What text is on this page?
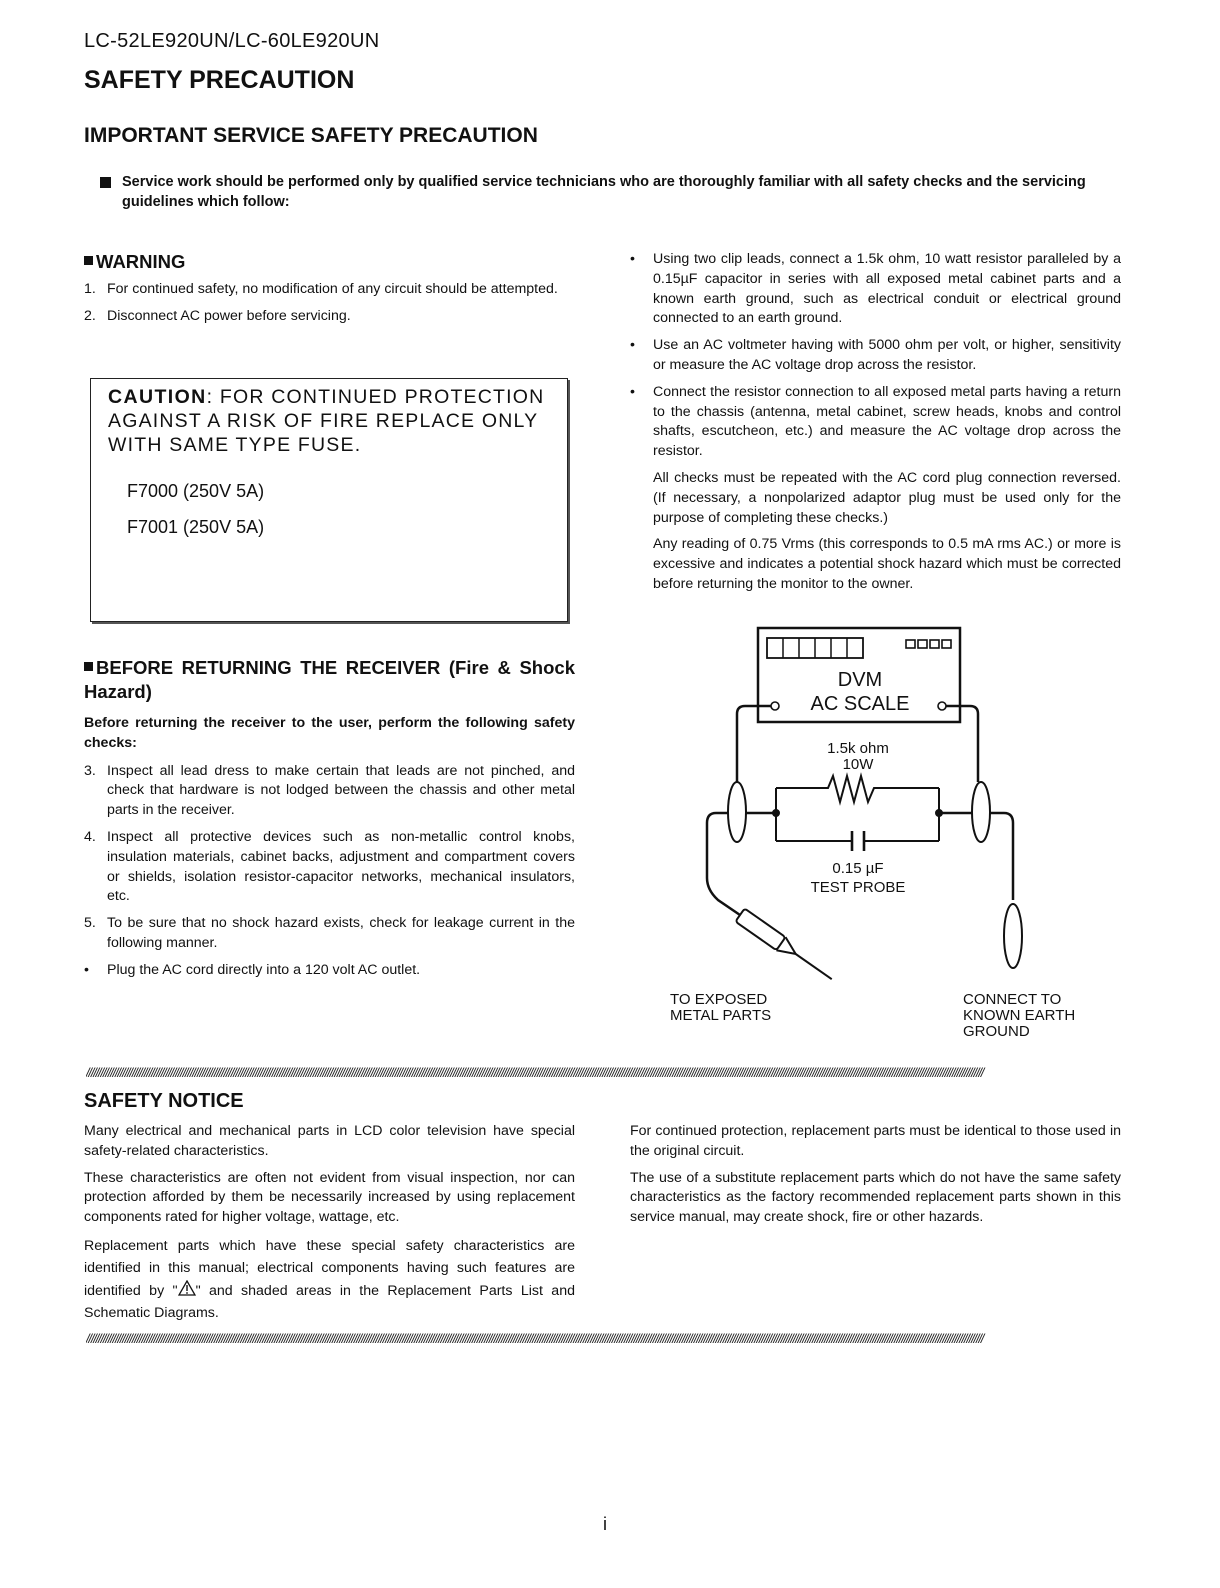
LC-52LE920UN/LC-60LE920UN
SAFETY PRECAUTION
IMPORTANT SERVICE SAFETY PRECAUTION
Service work should be performed only by qualified service technicians who are thoroughly familiar with all safety checks and the servicing guidelines which follow:
WARNING
1. For continued safety, no modification of any circuit should be attempted.
2. Disconnect AC power before servicing.
CAUTION: FOR CONTINUED PROTECTION AGAINST A RISK OF FIRE REPLACE ONLY WITH SAME TYPE FUSE.
F7000 (250V 5A)
F7001 (250V 5A)
BEFORE RETURNING THE RECEIVER (Fire & Shock Hazard)
Before returning the receiver to the user, perform the following safety checks:
3. Inspect all lead dress to make certain that leads are not pinched, and check that hardware is not lodged between the chassis and other metal parts in the receiver.
4. Inspect all protective devices such as non-metallic control knobs, insulation materials, cabinet backs, adjustment and compartment covers or shields, isolation resistor-capacitor networks, mechanical insulators, etc.
5. To be sure that no shock hazard exists, check for leakage current in the following manner.
• Plug the AC cord directly into a 120 volt AC outlet.
• Using two clip leads, connect a 1.5k ohm, 10 watt resistor paralleled by a 0.15µF capacitor in series with all exposed metal cabinet parts and a known earth ground, such as electrical conduit or electrical ground connected to an earth ground.
• Use an AC voltmeter having with 5000 ohm per volt, or higher, sensitivity or measure the AC voltage drop across the resistor.
• Connect the resistor connection to all exposed metal parts having a return to the chassis (antenna, metal cabinet, screw heads, knobs and control shafts, escutcheon, etc.) and measure the AC voltage drop across the resistor.
All checks must be repeated with the AC cord plug connection reversed. (If necessary, a nonpolarized adaptor plug must be used only for the purpose of completing these checks.)
Any reading of 0.75 Vrms (this corresponds to 0.5 mA rms AC.) or more is excessive and indicates a potential shock hazard which must be corrected before returning the monitor to the owner.
DVM
AC SCALE
1.5k ohm
10W
0.15 µF
TEST PROBE
TO EXPOSED
METAL PARTS
CONNECT TO
KNOWN EARTH
GROUND
////////////////////////////////////////////////////////////////////////////////////////////////////////////////////////////////////////////////////////////////////////////////////////////////////////////////////////////////////////////////////////////////////////////////////////////////////////////////////////////////////////////////////////////////////////////////////
SAFETY NOTICE
Many electrical and mechanical parts in LCD color television have special safety-related characteristics.
These characteristics are often not evident from visual inspection, nor can protection afforded by them be necessarily increased by using replacement components rated for higher voltage, wattage, etc.
Replacement parts which have these special safety characteristics are identified in this manual; electrical components having such features are identified by " " and shaded areas in the Replacement Parts List and Schematic Diagrams.
For continued protection, replacement parts must be identical to those used in the original circuit.
The use of a substitute replacement parts which do not have the same safety characteristics as the factory recommended replacement parts shown in this service manual, may create shock, fire or other hazards.
////////////////////////////////////////////////////////////////////////////////////////////////////////////////////////////////////////////////////////////////////////////////////////////////////////////////////////////////////////////////////////////////////////////////////////////////////////////////////////////////////////////////////////////////////////////////////
i
